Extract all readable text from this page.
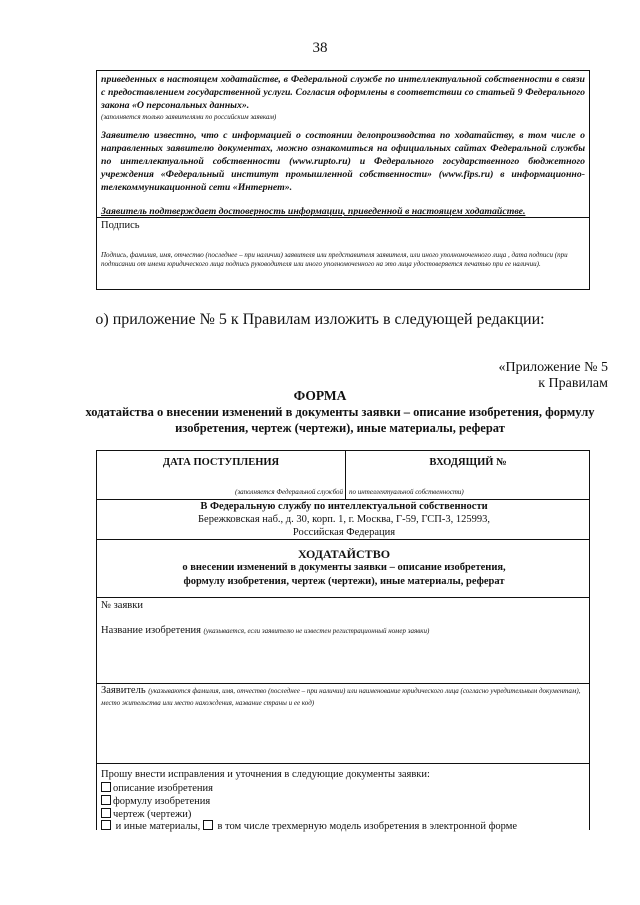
38
приведенных в настоящем ходатайстве, в Федеральной службе по интеллектуальной собственности в связи с предоставлением государственной услуги. Согласия оформлены в соответствии со статьей 9 Федерального закона «О персональных данных».
(заполняется только заявителями по российским заявкам)
Заявителю известно, что с информацией о состоянии делопроизводства по ходатайству, в том числе о направленных заявителю документах, можно ознакомиться на официальных сайтах Федеральной службы по интеллектуальной собственности (www.rupto.ru) и Федерального государственного бюджетного учреждения «Федеральный институт промышленной собственности» (www.fips.ru) в информационно-телекоммуникационной сети «Интернет».
Заявитель подтверждает достоверность информации, приведенной в настоящем ходатайстве.
Подпись
Подпись, фамилия, имя, отчество (последнее – при наличии) заявителя или представителя заявителя, или иного уполномоченного лица , дата подписи (при подписании от имени юридического лица подпись руководителя или иного уполномоченного на это лица удостоверяется печатью при ее наличии).
о) приложение № 5 к Правилам изложить в следующей редакции:
«Приложение № 5
к Правилам
ФОРМА
ходатайства о внесении изменений в документы заявки – описание изобретения, формулу изобретения, чертеж (чертежи), иные материалы, реферат
ДАТА ПОСТУПЛЕНИЯ	ВХОДЯЩИЙ №
(заполняется Федеральной службой по интеллектуальной собственности)
В Федеральную службу по интеллектуальной собственности
Бережковская наб., д. 30, корп. 1, г. Москва, Г-59, ГСП-3, 125993,
Российская Федерация
ХОДАТАЙСТВО
о внесении изменений в документы заявки – описание изобретения, формулу изобретения, чертеж (чертежи), иные материалы, реферат
№ заявки
Название изобретения (указывается, если заявителю не известен регистрационный номер заявки)
Заявитель (указываются фамилия, имя, отчество (последнее – при наличии) или наименование юридического лица (согласно учредительным документам), место жительства или место нахождения, название страны и ее код)
Прошу внести исправления и уточнения в следующие документы заявки:
описание изобретения
формулу изобретения
чертеж (чертежи)
и иные материалы, в том числе трехмерную модель изобретения в электронной форме
